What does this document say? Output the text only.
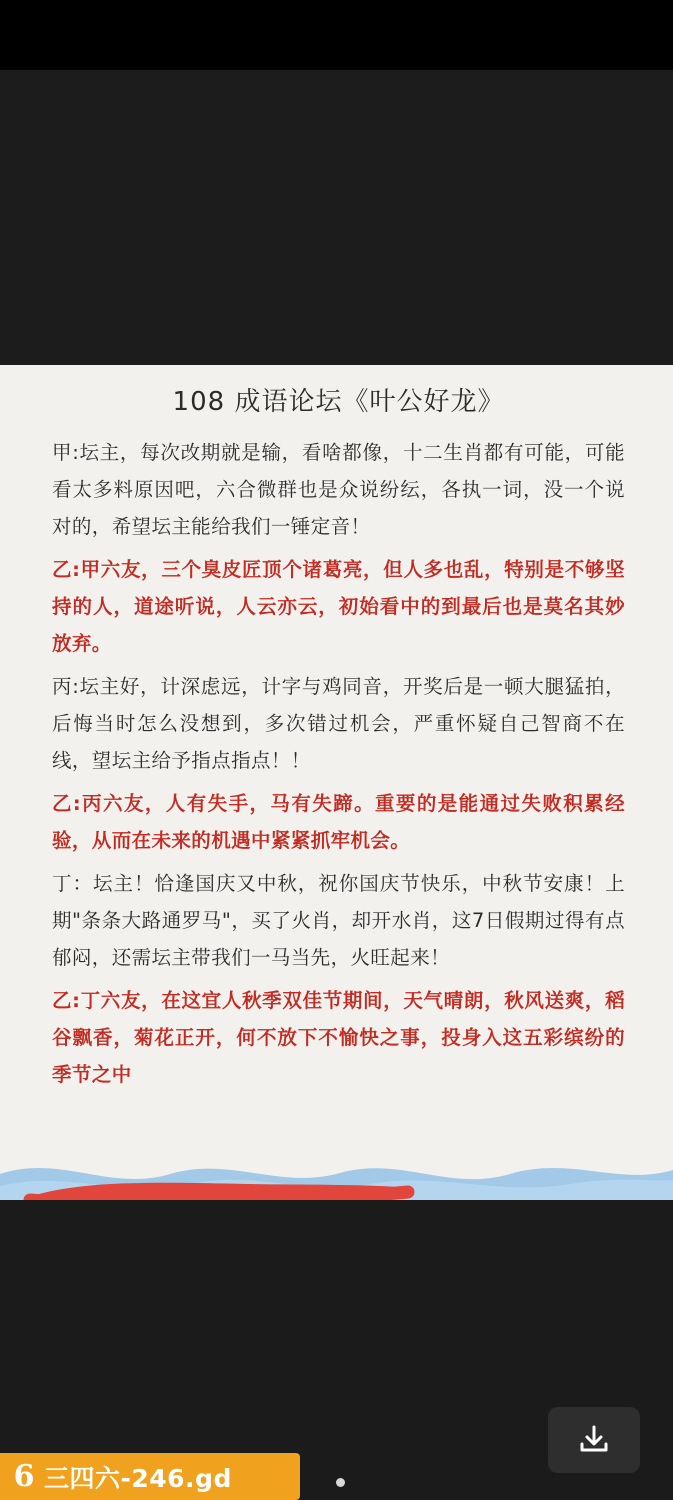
108 成语论坛《叶公好龙》
甲:坛主，每次改期就是输，看啥都像，十二生肖都有可能，可能看太多料原因吧，六合微群也是众说纷纭，各执一词，没一个说对的，希望坛主能给我们一锤定音！
乙:甲六友，三个臭皮匠顶个诸葛亮，但人多也乱，特别是不够坚持的人，道途听说，人云亦云，初始看中的到最后也是莫名其妙放弃。
丙:坛主好，计深虑远，计字与鸡同音，开奖后是一顿大腿猛拍，后悔当时怎么没想到，多次错过机会，严重怀疑自己智商不在线，望坛主给予指点指点！！
乙:丙六友，人有失手，马有失蹄。重要的是能通过失败积累经验，从而在未来的机遇中紧紧抓牢机会。
丁：坛主！恰逢国庆又中秋，祝你国庆节快乐，中秋节安康！上期"条条大路通罗马"，买了火肖，却开水肖，这7日假期过得有点郁闷，还需坛主带我们一马当先，火旺起来！
乙:丁六友，在这宜人秋季双佳节期间，天气晴朗，秋风送爽，稻谷飘香，菊花正开，何不放下不愉快之事，投身入这五彩缤纷的季节之中
6 三四六-246.gd
